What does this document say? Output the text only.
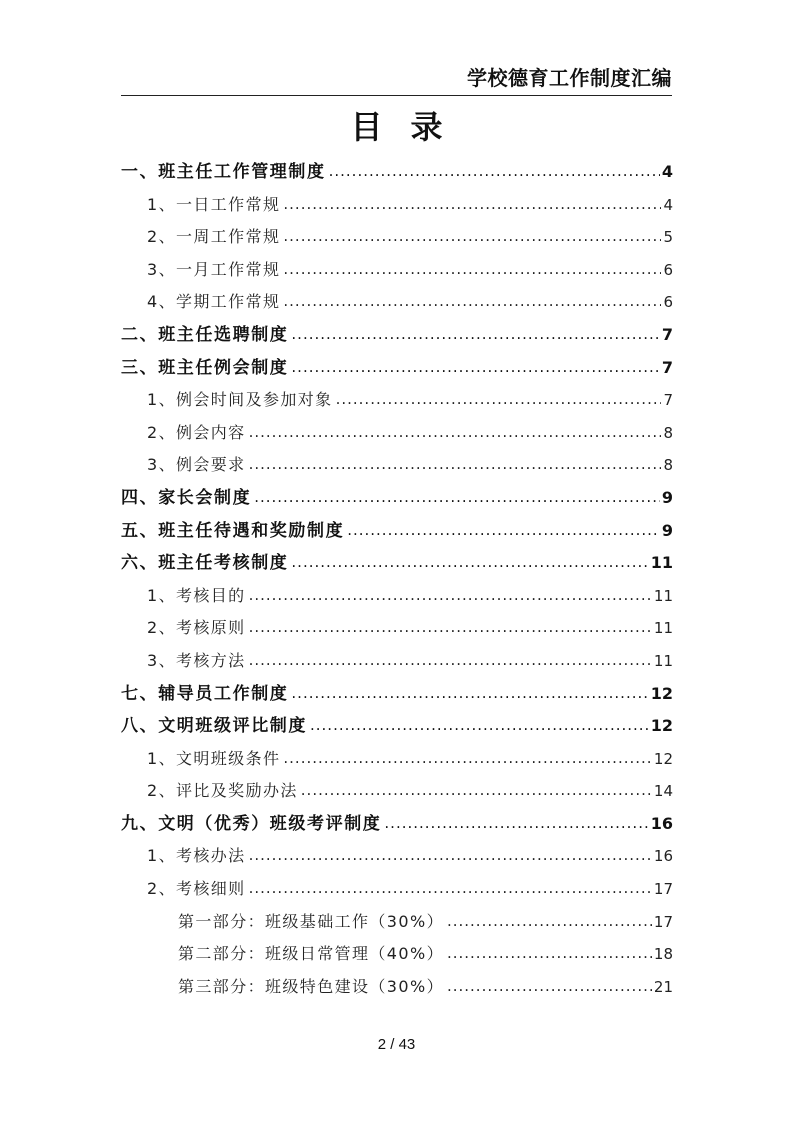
学校德育工作制度汇编
目录
一、班主任工作管理制度 .....	4
1、一日工作常规 .....	4
2、一周工作常规 .....	5
3、一月工作常规 .....	6
4、学期工作常规 .....	6
二、班主任选聘制度 .....	7
三、班主任例会制度 .....	7
1、例会时间及参加对象 .....	7
2、例会内容 .....	8
3、例会要求 .....	8
四、家长会制度 .....	9
五、班主任待遇和奖励制度 .....	9
六、班主任考核制度 .....	11
1、考核目的 .....	11
2、考核原则 .....	11
3、考核方法 .....	11
七、辅导员工作制度 .....	12
八、文明班级评比制度 .....	12
1、文明班级条件 .....	12
2、评比及奖励办法 .....	14
九、文明（优秀）班级考评制度 .....	16
1、考核办法 .....	16
2、考核细则 .....	17
第一部分：班级基础工作（30%） .....	17
第二部分：班级日常管理（40%） .....	18
第三部分：班级特色建设（30%） .....	21
2 / 43
